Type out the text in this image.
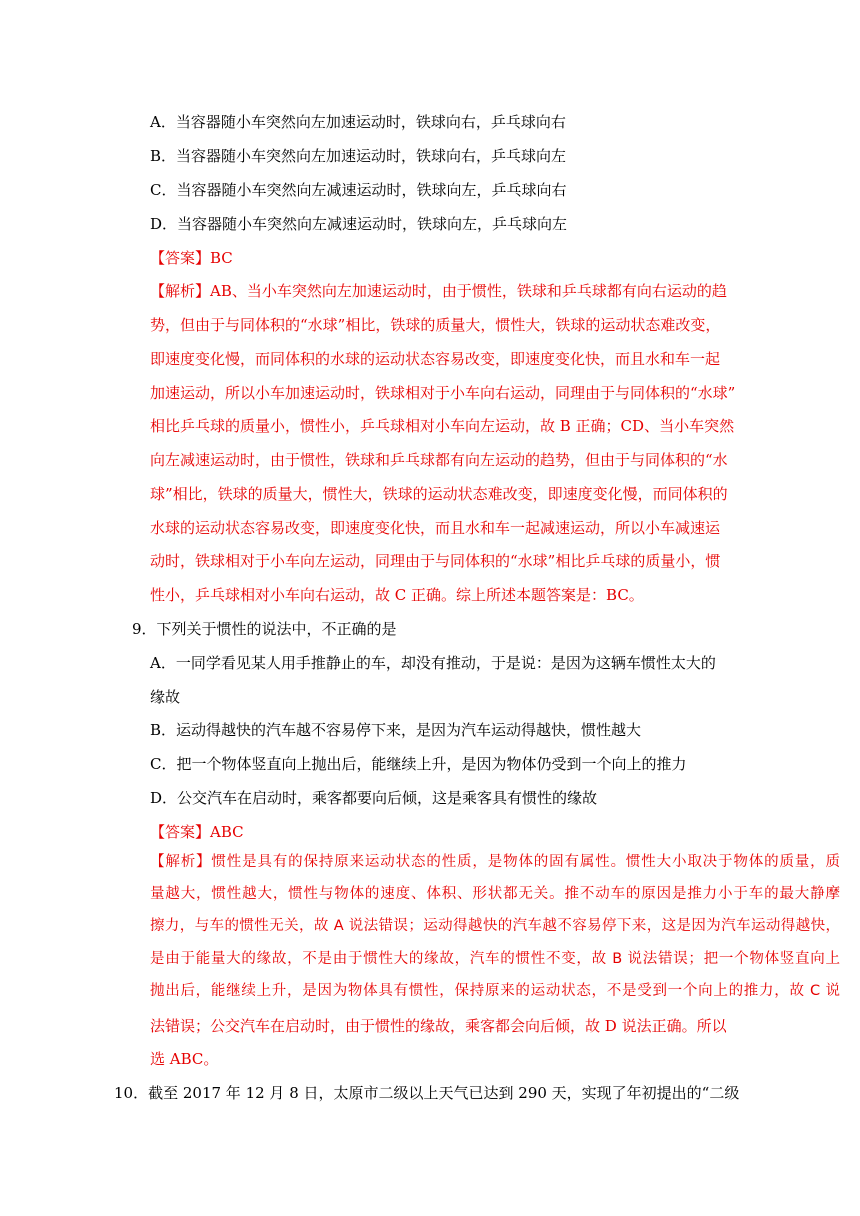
A．当容器随小车突然向左加速运动时，铁球向右，乒乓球向右
B．当容器随小车突然向左加速运动时，铁球向右，乒乓球向左
C．当容器随小车突然向左减速运动时，铁球向左，乒乓球向右
D．当容器随小车突然向左减速运动时，铁球向左，乒乓球向左
【答案】BC
【解析】AB、当小车突然向左加速运动时，由于惯性，铁球和乒乓球都有向右运动的趋
势，但由于与同体积的“水球”相比，铁球的质量大，惯性大，铁球的运动状态难改变，
即速度变化慢，而同体积的水球的运动状态容易改变，即速度变化快，而且水和车一起
加速运动，所以小车加速运动时，铁球相对于小车向右运动，同理由于与同体积的“水球”
相比乒乓球的质量小，惯性小，乒乓球相对小车向左运动，故 B 正确；CD、当小车突然
向左减速运动时，由于惯性，铁球和乒乓球都有向左运动的趋势，但由于与同体积的“水
球”相比，铁球的质量大，惯性大，铁球的运动状态难改变，即速度变化慢，而同体积的
水球的运动状态容易改变，即速度变化快，而且水和车一起减速运动，所以小车减速运
动时，铁球相对于小车向左运动，同理由于与同体积的“水球”相比乒乓球的质量小，惯
性小，乒乓球相对小车向右运动，故 C 正确。综上所述本题答案是：BC。
9．下列关于惯性的说法中，不正确的是
A．一同学看见某人用手推静止的车，却没有推动，于是说：是因为这辆车惯性太大的
缘故
B．运动得越快的汽车越不容易停下来，是因为汽车运动得越快，惯性越大
C．把一个物体竖直向上抛出后，能继续上升，是因为物体仍受到一个向上的推力
D．公交汽车在启动时，乘客都要向后倾，这是乘客具有惯性的缘故
【答案】ABC
【解析】惯性是具有的保持原来运动状态的性质，是物体的固有属性。惯性大小取决于物体的质量，质
量越大，惯性越大，惯性与物体的速度、体积、形状都无关。推不动车的原因是推力小于车的最大静摩
擦力，与车的惯性无关，故 A 说法错误；运动得越快的汽车越不容易停下来，这是因为汽车运动得越快，
是由于能量大的缘故，不是由于惯性大的缘故，汽车的惯性不变，故 B 说法错误；把一个物体竖直向上
抛出后，能继续上升，是因为物体具有惯性，保持原来的运动状态，不是受到一个向上的推力，故 C 说
法错误；公交汽车在启动时，由于惯性的缘故，乘客都会向后倾，故 D 说法正确。所以
选 ABC。
10．截至 2017 年 12 月 8 日，太原市二级以上天气已达到 290 天，实现了年初提出的“二级
